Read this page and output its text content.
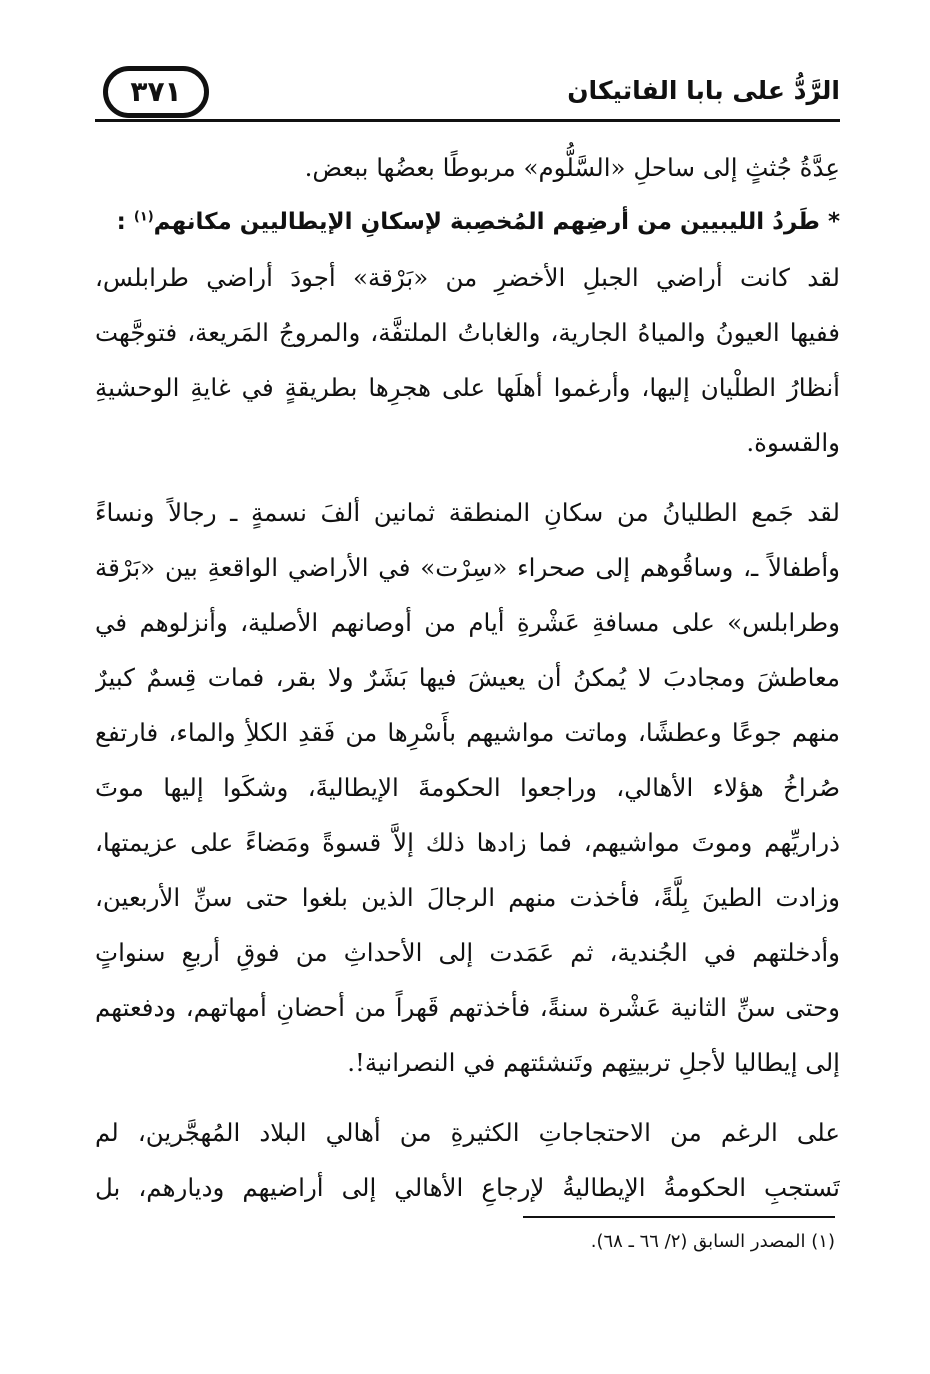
٣٧١	الرَّدُّ على بابا الفاتيكان
عِدَّةُ جُثثٍ إلى ساحلِ «السَّلُّوم» مربوطًا بعضُها ببعض.
* طَردُ الليبيين من أرضِهم المُخصِبة لإسكانِ الإيطاليين مكانهم$^{(١)}$ :
لقد كانت أراضي الجبلِ الأخضرِ من «بَرْقة» أجودَ أراضي طرابلس،
ففيها العيونُ والمياهُ الجارية، والغاباتُ الملتفَّة، والمروجُ المَريعة، فتوجَّهت
أنظارُ الطلْيان إليها، وأرغموا أهلَها على هجرِها بطريقةٍ في غايةِ الوحشيةِ
والقسوة.
لقد جَمع الطليانُ من سكانِ المنطقة ثمانين ألفَ نسمةٍ ـ رجالاً ونساءً
وأطفالاً ـ، وساقُوهم إلى صحراء «سِرْت» في الأراضي الواقعةِ بين «بَرْقة
وطرابلس» على مسافةِ عَشْرةِ أيام من أوصانهم الأصلية، وأنزلوهم في
معاطشَ ومجادبَ لا يُمكنُ أن يعيشَ فيها بَشَرٌ ولا بقر، فمات قِسمٌ كبيرٌ
منهم جوعًا وعطشًا، وماتت مواشيهم بأَسْرِها من فَقدِ الكلأِ والماء، فارتفع
صُراخُ هؤلاء الأهالي، وراجعوا الحكومةَ الإيطاليةَ، وشكَوا إليها موتَ
ذراريِّهم وموتَ مواشيهم، فما زادها ذلك إلاَّ قسوةً ومَضاءً على عزيمتها،
وزادت الطينَ بِلَّةً، فأخذت منهم الرجالَ الذين بلغوا حتى سنِّ الأربعين،
وأدخلتهم في الجُندية، ثم عَمَدت إلى الأحداثِ من فوقِ أربعِ سنواتٍ
وحتى سنِّ الثانية عَشْرة سنةً، فأخذتهم قَهراً من أحضانِ أمهاتهم، ودفعتهم
إلى إيطاليا لأجلِ تربيتِهم وتَنشئتهم في النصرانية!.
على الرغم من الاحتجاجاتِ الكثيرةِ من أهالي البلاد المُهجَّرين، لم
تَستجبِ الحكومةُ الإيطاليةُ لإرجاعِ الأهالي إلى أراضيهم وديارهم، بل
(١) المصدر السابق (٢/ ٦٦ ـ ٦٨).
